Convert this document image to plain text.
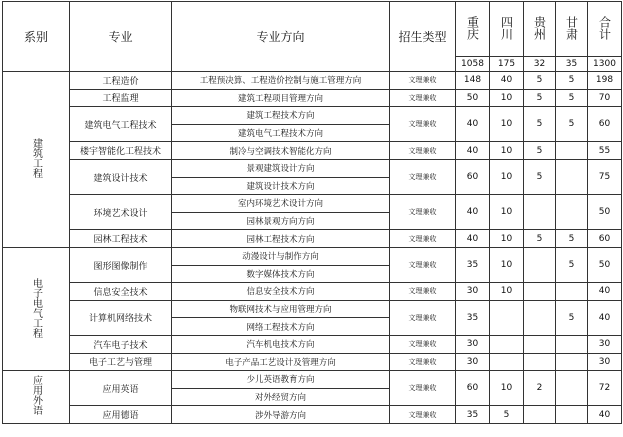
系别	专业	专业方向	招生类型	重庆	四川	贵州	甘肃	合计
				1058	175	32	35	1300
建筑工程	工程造价	工程预决算、工程造价控制与施工管理方向	文理兼收	148	40	5	5	198
	工程监理	建筑工程项目管理方向	文理兼收	50	10	5	5	70
	建筑电气工程技术	建筑工程技术方向	文理兼收	40	10	5	5	60
		建筑电气工程技术方向						
	楼宇智能化工程技术	制冷与空调技术智能化方向	文理兼收	40	10	5		55
	建筑设计技术	景观建筑设计方向	文理兼收	60	10	5		75
		建筑设计技术方向						
	环境艺术设计	室内环境艺术设计方向	文理兼收	40	10			50
		园林景观方向方向						
	园林工程技术	园林工程技术方向	文理兼收	40	10	5	5	60
电子电气工程	图形图像制作	动漫设计与制作方向	文理兼收	35	10		5	50
		数字媒体技术方向						
	信息安全技术	信息安全技术方向	文理兼收	30	10			40
	计算机网络技术	物联网技术与应用管理方向	文理兼收	35			5	40
		网络工程技术方向						
	汽车电子技术	汽车机电技术方向	文理兼收	30				30
	电子工艺与管理	电子产品工艺设计及管理方向	文理兼收	30				30
应用外语	应用英语	少儿英语教育方向	文理兼收	60	10	2		72
		对外经贸方向						
	应用德语	涉外导游方向	文理兼收	35	5			40
